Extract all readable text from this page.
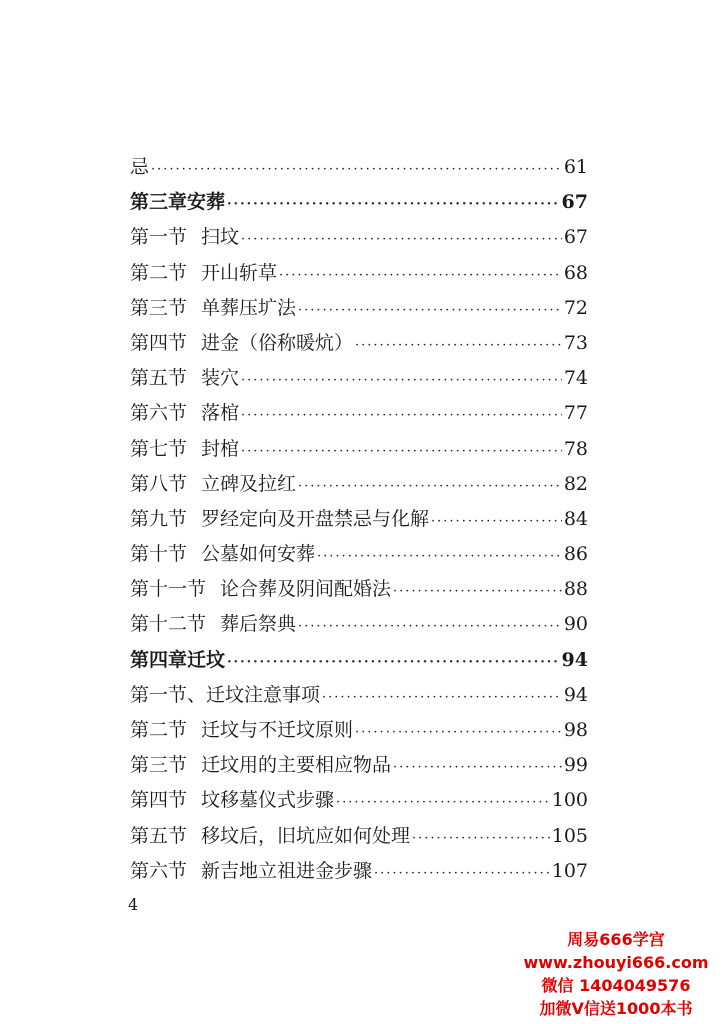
忌 ·····	61
第三章安葬 ·····	67
第一节 扫坟 ·····	67
第二节 开山斩草 ·····	68
第三节 单葬压圹法 ·····	72
第四节 进金（俗称暖炕） ·····	73
第五节 装穴 ·····	74
第六节 落棺 ·····	77
第七节 封棺 ·····	78
第八节 立碑及拉红 ·····	82
第九节 罗经定向及开盘禁忌与化解 ·····	84
第十节 公墓如何安葬 ·····	86
第十一节 论合葬及阴间配婚法 ·····	88
第十二节 葬后祭典 ·····	90
第四章迁坟 ·····	94
第一节、迁坟注意事项 ·····	94
第二节 迁坟与不迁坟原则 ·····	98
第三节 迁坟用的主要相应物品 ·····	99
第四节 坟移墓仪式步骤 ·····	100
第五节 移坟后，旧坑应如何处理 ·····	105
第六节 新吉地立祖进金步骤 ·····	107
4
周易666学宫
www.zhouyi666.com
微信 1404049576
加微V信送1000本书
